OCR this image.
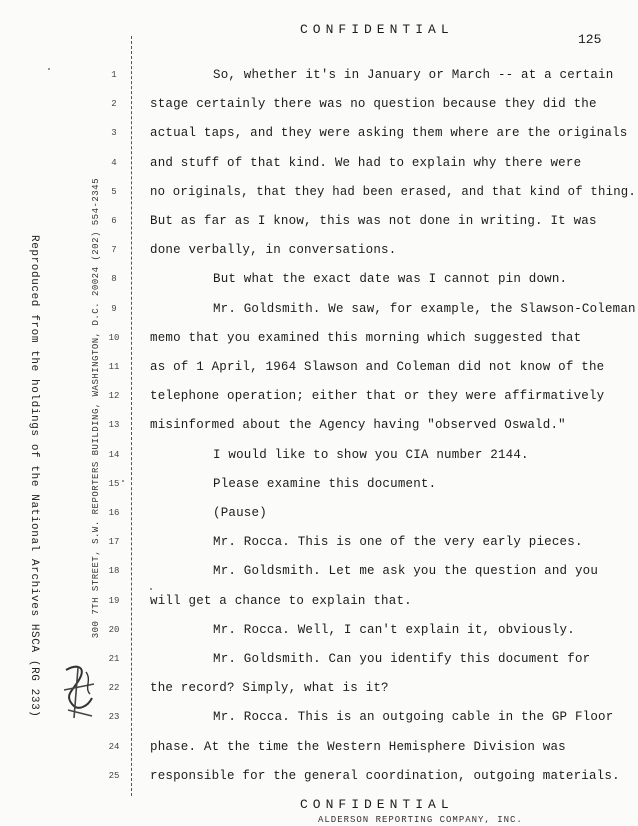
CONFIDENTIAL
125
Reproduced from the holdings of the National Archives HSCA (RG 233)	300 7TH STREET, S.W. REPORTERS BUILDING, WASHINGTON, D.C. 20024 (202) 554-2345
1
2
3
4
5
6
7
8
9
10
11
12
13
14
15
16
17
18
19
20
21
22
23
24
25
So, whether it's in January or March -- at a certain
stage certainly there was no question because they did the
actual taps, and they were asking them where are the originals
and stuff of that kind. We had to explain why there were
no originals, that they had been erased, and that kind of thing.
But as far as I know, this was not done in writing. It was
done verbally, in conversations.
But what the exact date was I cannot pin down.
Mr. Goldsmith. We saw, for example, the Slawson-Coleman
memo that you examined this morning which suggested that
as of 1 April, 1964 Slawson and Coleman did not know of the
telephone operation; either that or they were affirmatively
misinformed about the Agency having "observed Oswald."
I would like to show you CIA number 2144.
Please examine this document.
(Pause)
Mr. Rocca. This is one of the very early pieces.
Mr. Goldsmith. Let me ask you the question and you
will get a chance to explain that.
Mr. Rocca. Well, I can't explain it, obviously.
Mr. Goldsmith. Can you identify this document for
the record? Simply, what is it?
Mr. Rocca. This is an outgoing cable in the GP Floor
phase. At the time the Western Hemisphere Division was
responsible for the general coordination, outgoing materials.
CONFIDENTIAL
ALDERSON REPORTING COMPANY, INC.
